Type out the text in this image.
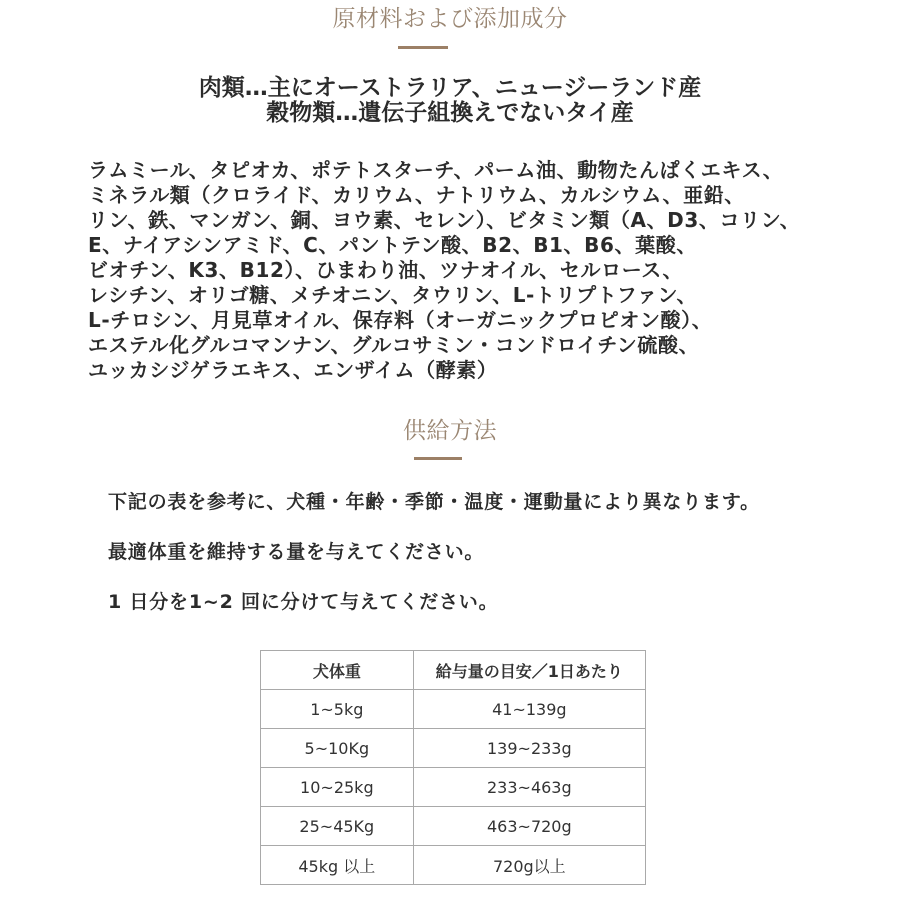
原材料および添加成分
肉類…主にオーストラリア、ニュージーランド産
穀物類…遺伝子組換えでないタイ産
ラムミール、タピオカ、ポテトスターチ、パーム油、動物たんぱくエキス、
ミネラル類（クロライド、カリウム、ナトリウム、カルシウム、亜鉛、
リン、鉄、マンガン、銅、ヨウ素、セレン）、ビタミン類（A、D3、コリン、
E、ナイアシンアミド、C、パントテン酸、B2、B1、B6、葉酸、
ビオチン、K3、B12）、ひまわり油、ツナオイル、セルロース、
レシチン、オリゴ糖、メチオニン、タウリン、L-トリプトファン、
L-チロシン、月見草オイル、保存料（オーガニックプロピオン酸）、
エステル化グルコマンナン、グルコサミン・コンドロイチン硫酸、
ユッカシジゲラエキス、エンザイム（酵素）
供給方法
下記の表を参考に、犬種・年齢・季節・温度・運動量により異なります。
最適体重を維持する量を与えてください。
1 日分を1~2 回に分けて与えてください。
犬体重	給与量の目安／1日あたり
1~5kg	41~139g
5~10Kg	139~233g
10~25kg	233~463g
25~45Kg	463~720g
45kg 以上	720g以上
